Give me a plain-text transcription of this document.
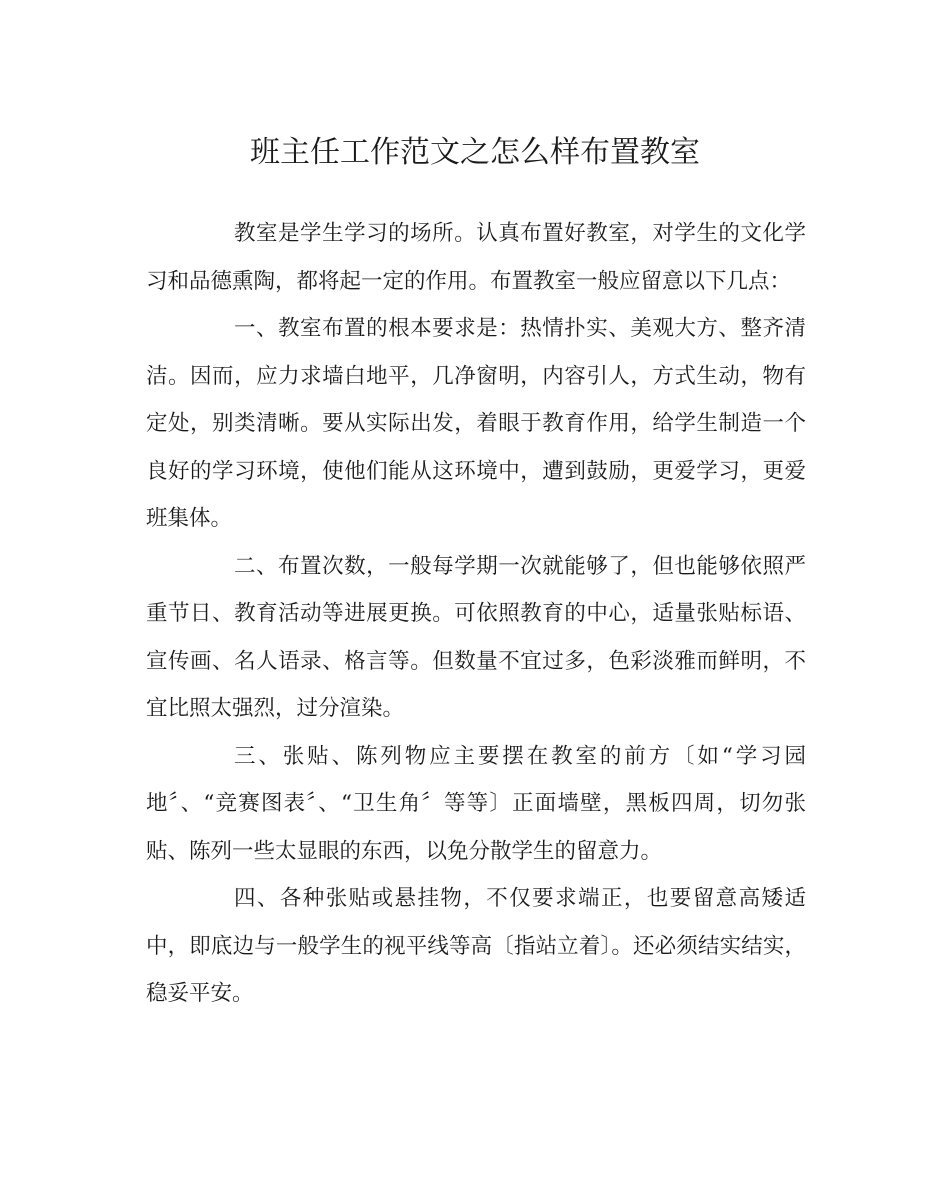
班主任工作范文之怎么样布置教室

教室是学生学习的场所。认真布置好教室，对学生的文化学习和品德熏陶，都将起一定的作用。布置教室一般应留意以下几点：

一、教室布置的根本要求是：热情扑实、美观大方、整齐清洁。因而，应力求墙白地平，几净窗明，内容引人，方式生动，物有定处，别类清晰。要从实际出发，着眼于教育作用，给学生制造一个良好的学习环境，使他们能从这环境中，遭到鼓励，更爱学习，更爱班集体。

二、布置次数，一般每学期一次就能够了，但也能够依照严重节日、教育活动等进展更换。可依照教育的中心，适量张贴标语、宣传画、名人语录、格言等。但数量不宜过多，色彩淡雅而鲜明，不宜比照太强烈，过分渲染。

三、张贴、陈列物应主要摆在教室的前方〔如“学习园地〞、“竞赛图表〞、“卫生角〞等等〕正面墙壁，黑板四周，切勿张贴、陈列一些太显眼的东西，以免分散学生的留意力。

四、各种张贴或悬挂物，不仅要求端正，也要留意高矮适中，即底边与一般学生的视平线等高〔指站立着〕。还必须结实结实，稳妥平安。
